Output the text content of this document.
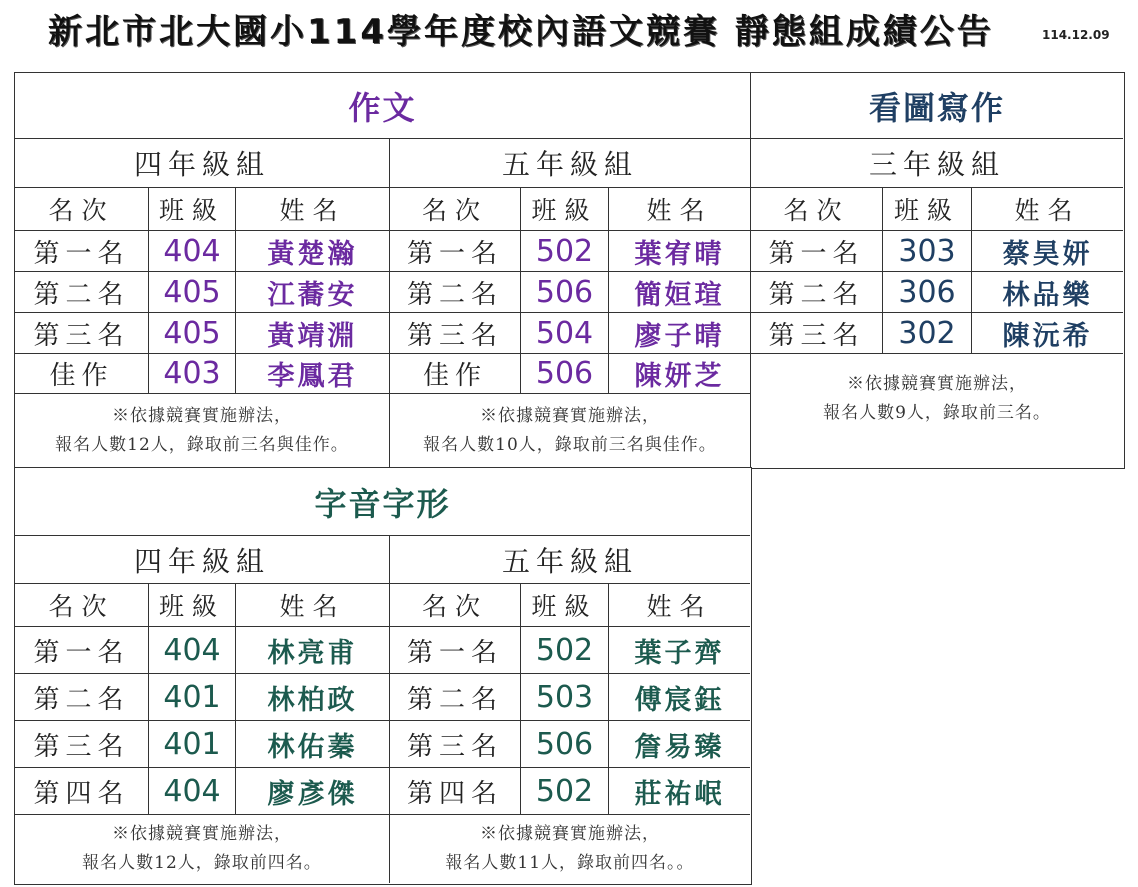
新北市北大國小114學年度校內語文競賽 靜態組成績公告	114.12.09
作文
四年級組
名次	班級	姓名
第一名	404	黃楚瀚
第二名	405	江蕎安
第三名	405	黃靖淵
佳作	403	李鳳君
※依據競賽實施辦法，
報名人數12人，錄取前三名與佳作。
五年級組
名次	班級	姓名
第一名	502	葉宥晴
第二名	506	簡姮瑄
第三名	504	廖子晴
佳作	506	陳妍芝
※依據競賽實施辦法，
報名人數10人，錄取前三名與佳作。
看圖寫作
三年級組
名次	班級	姓名
第一名	303	蔡昊妍
第二名	306	林品樂
第三名	302	陳沅希
※依據競賽實施辦法，
報名人數9人，錄取前三名。
字音字形
四年級組
名次	班級	姓名
第一名	404	林亮甫
第二名	401	林柏政
第三名	401	林佑蓁
第四名	404	廖彥傑
※依據競賽實施辦法，
報名人數12人，錄取前四名。
五年級組
名次	班級	姓名
第一名	502	葉子齊
第二名	503	傅宸鈺
第三名	506	詹易臻
第四名	502	莊祐岷
※依據競賽實施辦法，
報名人數11人，錄取前四名。。
